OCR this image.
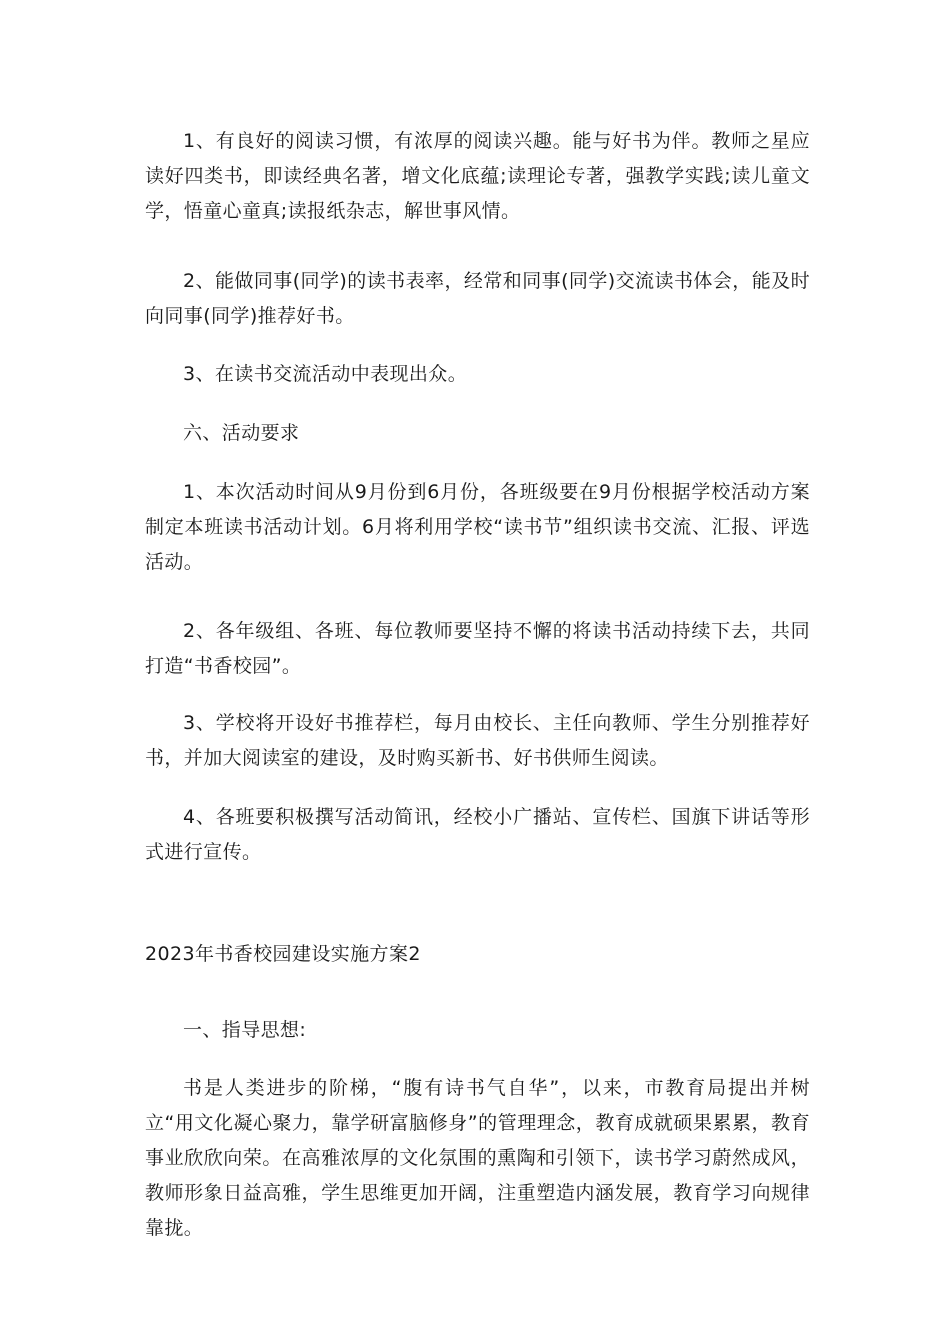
1、有良好的阅读习惯，有浓厚的阅读兴趣。能与好书为伴。教师之星应读好四类书，即读经典名著，增文化底蕴;读理论专著，强教学实践;读儿童文学，悟童心童真;读报纸杂志，解世事风情。

2、能做同事(同学)的读书表率，经常和同事(同学)交流读书体会，能及时向同事(同学)推荐好书。

3、在读书交流活动中表现出众。

六、活动要求

1、本次活动时间从9月份到6月份，各班级要在9月份根据学校活动方案制定本班读书活动计划。6月将利用学校“读书节”组织读书交流、汇报、评选活动。

2、各年级组、各班、每位教师要坚持不懈的将读书活动持续下去，共同打造“书香校园”。

3、学校将开设好书推荐栏，每月由校长、主任向教师、学生分别推荐好书，并加大阅读室的建设，及时购买新书、好书供师生阅读。

4、各班要积极撰写活动简讯，经校小广播站、宣传栏、国旗下讲话等形式进行宣传。

2023年书香校园建设实施方案2

一、指导思想:

书是人类进步的阶梯，“腹有诗书气自华”，以来，市教育局提出并树立“用文化凝心聚力，靠学研富脑修身”的管理理念，教育成就硕果累累，教育事业欣欣向荣。在高雅浓厚的文化氛围的熏陶和引领下，读书学习蔚然成风，教师形象日益高雅，学生思维更加开阔，注重塑造内涵发展，教育学习向规律靠拢。
